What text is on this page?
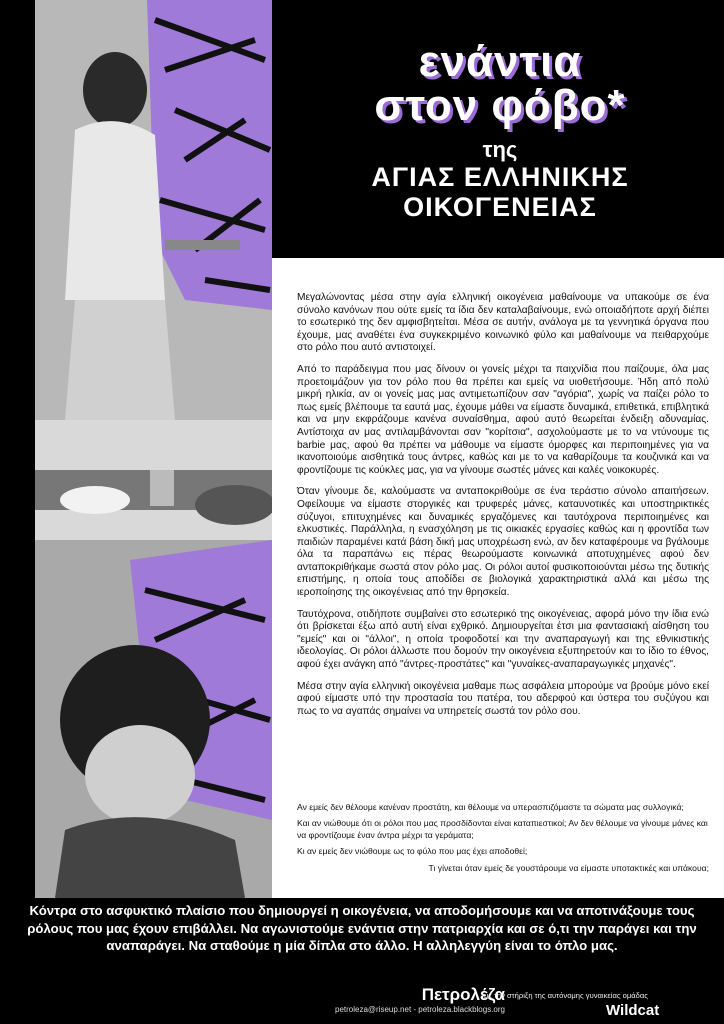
ενάντια
στον φόβο*
της
ΑΓΙΑΣ ΕΛΛΗΝΙΚΗΣ
ΟΙΚΟΓΕΝΕΙΑΣ

Μεγαλώνοντας μέσα στην αγία ελληνική οικογένεια μαθαίνουμε να υπακούμε σε ένα σύνολο κανόνων που ούτε εμείς τα ίδια δεν καταλαβαίνουμε, ενώ οποιαδήποτε αρχή διέπει το εσωτερικό της δεν αμφισβητείται. Μέσα σε αυτήν, ανάλογα με τα γεννητικά όργανα που έχουμε, μας αναθέτει ένα συγκεκριμένο κοινωνικό φύλο και μαθαίνουμε να πειθαρχούμε στο ρόλο που αυτό αντιστοιχεί.

Από το παράδειγμα που μας δίνουν οι γονείς μέχρι τα παιχνίδια που παίζουμε, όλα μας προετοιμάζουν για τον ρόλο που θα πρέπει και εμείς να υιοθετήσουμε. Ήδη από πολύ μικρή ηλικία, αν οι γονείς μας μας αντιμετωπίζουν σαν "αγόρια", χωρίς να παίζει ρόλο το πως εμείς βλέπουμε τα εαυτά μας, έχουμε μάθει να είμαστε δυναμικά, επιθετικά, επιβλητικά και να μην εκφράζουμε κανένα συναίσθημα, αφού αυτό θεωρείται ένδειξη αδυναμίας. Αντίστοιχα αν μας αντιλαμβάνονται σαν "κορίτσια", ασχολούμαστε με το να ντύνουμε τις barbie μας, αφού θα πρέπει να μάθουμε να είμαστε όμορφες και περιποιημένες για να ικανοποιούμε αισθητικά τους άντρες, καθώς και με το να καθαρίζουμε τα κουζινικά και να φροντίζουμε τις κούκλες μας, για να γίνουμε σωστές μάνες και καλές νοικοκυρές.

Όταν γίνουμε δε, καλούμαστε να ανταποκριθούμε σε ένα τεράστιο σύνολο απαιτήσεων. Οφείλουμε να είμαστε στοργικές και τρυφερές μάνες, καταυνοτικές και υποστηρικτικές σύζυγοι, επιτυχημένες και δυναμικές εργαζόμενες και ταυτόχρονα περιποιημένες και ελκυστικές. Παράλληλα, η ενασχόληση με τις οικιακές εργασίες καθώς και η φροντίδα των παιδιών παραμένει κατά βάση δική μας υποχρέωση ενώ, αν δεν καταφέρουμε να βγάλουμε όλα τα παραπάνω εις πέρας θεωρούμαστε κοινωνικά αποτυχημένες αφού δεν ανταποκριθήκαμε σωστά στον ρόλο μας. Οι ρόλοι αυτοί φυσικοποιούνται μέσω της δυτικής επιστήμης, η οποία τους αποδίδει σε βιολογικά χαρακτηριστικά αλλά και μέσω της ιεροποίησης της οικογένειας από την θρησκεία.

Ταυτόχρονα, οτιδήποτε συμβαίνει στο εσωτερικό της οικογένειας, αφορά μόνο την ίδια ενώ ότι βρίσκεται έξω από αυτή είναι εχθρικό. Δημιουργείται έτσι μια φαντασιακή αίσθηση του "εμείς" και οι "άλλοι", η οποία τροφοδοτεί και την αναπαραγωγή και της εθνικιστικής ιδεολογίας. Οι ρόλοι άλλωστε που δομούν την οικογένεια εξυπηρετούν και το ίδιο το έθνος, αφού έχει ανάγκη από "άντρες-προστάτες" και "γυναίκες-αναπαραγωγικές μηχανές".

Μέσα στην αγία ελληνική οικογένεια μαθαμε πως ασφάλεια μπορούμε να βρούμε μόνο εκεί αφού είμαστε υπό την προστασία του πατέρα, του αδερφού και ύστερα του συζύγου και πως το να αγαπάς σημαίνει να υπηρετείς σωστά τον ρόλο σου.

Αν εμείς δεν θέλουμε κανέναν προστάτη, και θέλουμε να υπερασπιζόμαστε τα σώματα μας συλλογικά;

Και αν νιώθουμε ότι οι ρόλοι που μας προσδίδονται είναι καταπιεστικοί; Αν δεν θέλουμε να γίνουμε μάνες και να φροντίζουμε έναν άντρα μέχρι τα γεράματα;

Κι αν εμείς δεν νιώθουμε ως το φύλο που μας έχει αποδοθεί;

Τι γίνεται όταν εμείς δε γουστάρουμε να είμαστε υποτακτικές και υπάκουα;

Κόντρα στο ασφυκτικό πλαίσιο που δημιουργεί η οικογένεια, να αποδομήσουμε και να αποτινάξουμε τους ρόλους που μας έχουν επιβάλλει. Να αγωνιστούμε ενάντια στην πατριαρχία και σε ό,τι την παράγει και την αναπαράγει. Να σταθούμε η μία δίπλα στο άλλο. Η αλληλεγγύη είναι το όπλο μας.
Πετρολέζα
petroleza@riseup.net - petroleza.blackblogs.org
με την στήριξη της αυτόνομης γυναικείας ομάδας
Wildcat
